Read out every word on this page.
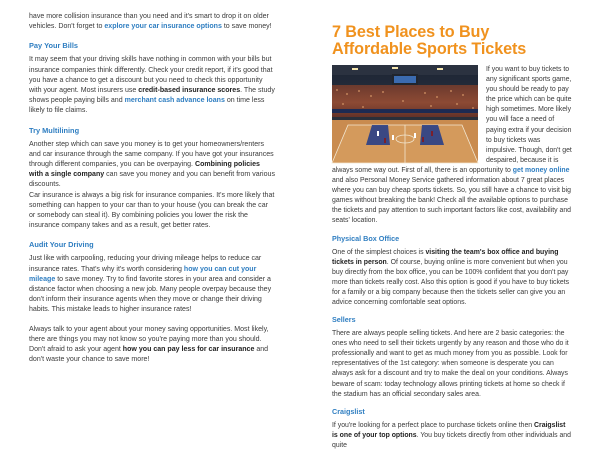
have more collision insurance than you need and it's smart to drop it on older vehicles. Don't forget to explore your car insurance options to save money!

Pay Your Bills

It may seem that your driving skills have nothing in common with your bills but insurance companies think differently. Check your credit report, if it's good that you have a chance to get a discount but you need to check this opportunity with your agent. Most insurers use credit-based insurance scores. The study shows people paying bills and merchant cash advance loans on time less likely to file claims.

Try Multilining

Another step which can save you money is to get your homeowners/renters and car insurance through the same company. If you have got your insurances through different companies, you can be overpaying. Combining policies with a single company can save you money and you can benefit from various discounts.

Car insurance is always a big risk for insurance companies. It's more likely that something can happen to your car than to your house (you can break the car or somebody can steal it). By combining policies you lower the risk the insurance company takes and as a result, get better rates.

Audit Your Driving

Just like with carpooling, reducing your driving mileage helps to reduce car insurance rates. That's why it's worth considering how you can cut your mileage to save money. Try to find favorite stores in your area and consider a distance factor when choosing a new job. Many people overpay because they don't inform their insurance agents when they move or change their driving habits. This mistake leads to higher insurance rates!

Always talk to your agent about your money saving opportunities. Most likely, there are things you may not know so you're paying more than you should. Don't afraid to ask your agent how you can pay less for car insurance and don't waste your chance to save more!

7 Best Places to Buy Affordable Sports Tickets

If you want to buy tickets to any significant sports game, you should be ready to pay the price which can be quite high sometimes. More likely you will face a need of paying extra if your decision to buy tickets was impulsive. Though, don't get despaired, because it is always some way out. First of all, there is an opportunity to get money online and also Personal Money Service gathered information about 7 great places where you can buy cheap sports tickets. So, you still have a chance to visit big games without breaking the bank! Check all the available options to purchase the tickets and pay attention to such important factors like cost, availability and seats' location.

Physical Box Office

One of the simplest choices is visiting the team's box office and buying tickets in person. Of course, buying online is more convenient but when you buy directly from the box office, you can be 100% confident that you don't pay more than tickets really cost. Also this option is good if you have to buy tickets for a family or a big company because then the tickets seller can give you an advice concerning comfortable seat options.

Sellers

There are always people selling tickets. And here are 2 basic categories: the ones who need to sell their tickets urgently by any reason and those who do it professionally and want to get as much money from you as possible. Look for representatives of the 1st category: when someone is desperate you can always ask for a discount and try to make the deal on your conditions. Always beware of scam: today technology allows printing tickets at home so check if the stadium has an official secondary sales area.

Craigslist

If you're looking for a perfect place to purchase tickets online then Craigslist is one of your top options. You buy tickets directly from other individuals and quite
